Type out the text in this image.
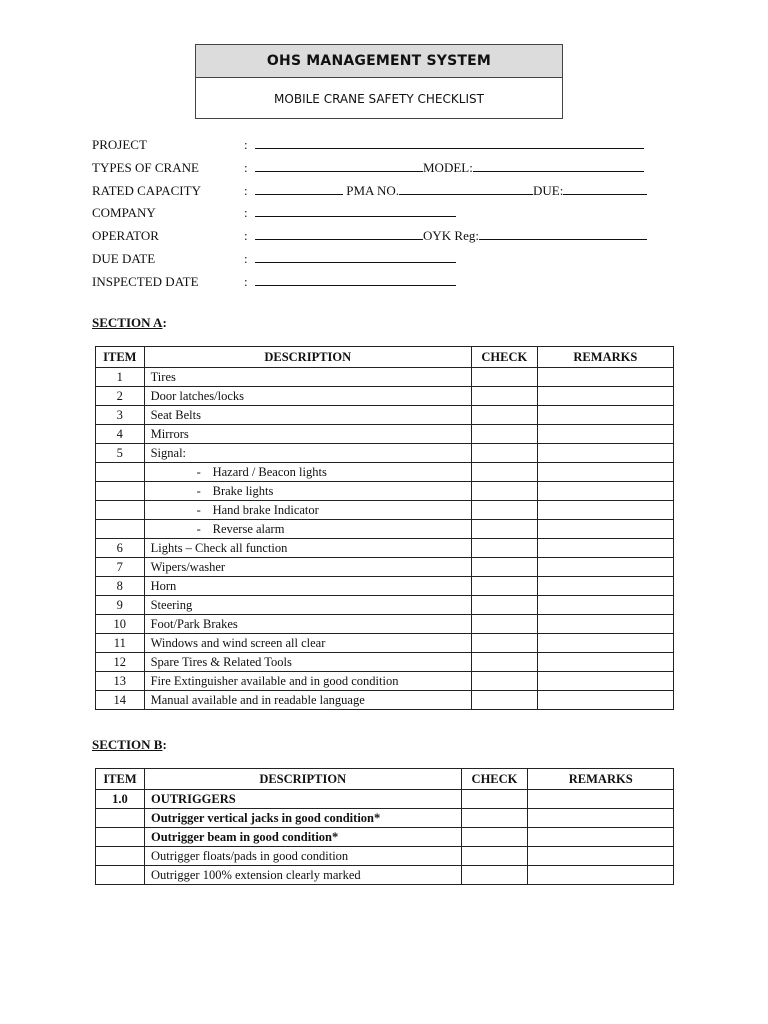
OHS MANAGEMENT SYSTEM
MOBILE CRANE SAFETY CHECKLIST
PROJECT	:
TYPES OF CRANE	:	MODEL:
RATED CAPACITY	:	PMA NO.	DUE:
COMPANY	:
OPERATOR	:	OYK Reg:
DUE DATE	:
INSPECTED DATE	:
SECTION A:
ITEM	DESCRIPTION	CHECK	REMARKS
1	Tires		
2	Door latches/locks		
3	Seat Belts		
4	Mirrors		
5	Signal:		
	- Hazard / Beacon lights		
	- Brake lights		
	- Hand brake Indicator		
	- Reverse alarm		
6	Lights – Check all function		
7	Wipers/washer		
8	Horn		
9	Steering		
10	Foot/Park Brakes		
11	Windows and wind screen all clear		
12	Spare Tires & Related Tools		
13	Fire Extinguisher available and in good condition		
14	Manual available and in readable language		
SECTION B:
ITEM	DESCRIPTION	CHECK	REMARKS
1.0	OUTRIGGERS		
	Outrigger vertical jacks in good condition*		
	Outrigger beam in good condition*		
	Outrigger floats/pads in good condition		
	Outrigger 100% extension clearly marked		
